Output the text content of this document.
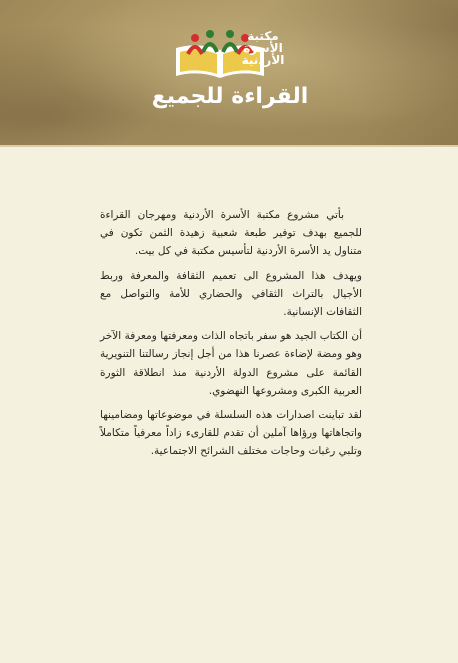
مكتبة الأسرة الأردنية
القراءة للجميع

بأتي مشروع مكتبة الأسرة الأردنية ومهرجان القراءة للجميع بهدف توفير طبعة شعبية زهيدة الثمن تكون في متناول يد الأسرة الأردنية لتأسيس مكتبة في كل بيت.

ويهدف هذا المشروع الى تعميم الثقافة والمعرفة وربط الأجيال بالتراث الثقافي والحضاري للأمة والتواصل مع الثقافات الإنسانية.

أن الكتاب الجيد هو سفر باتجاه الذات ومعرفتها ومعرفة الآخر وهو ومضة لإضاءة عصرنا هذا من أجل إنجاز رسالتنا التنويرية القائمة على مشروع الدولة الأردنية منذ انطلاقة الثورة العربية الكبرى ومشروعها النهضوي.

لقد تباينت اصدارات هذه السلسلة في موضوعاتها ومضامينها واتجاهاتها ورؤاها آملين أن تقدم للقارىء زاداً معرفياً متكاملاً وتلبي رغبات وحاجات مختلف الشرائح الاجتماعية.
